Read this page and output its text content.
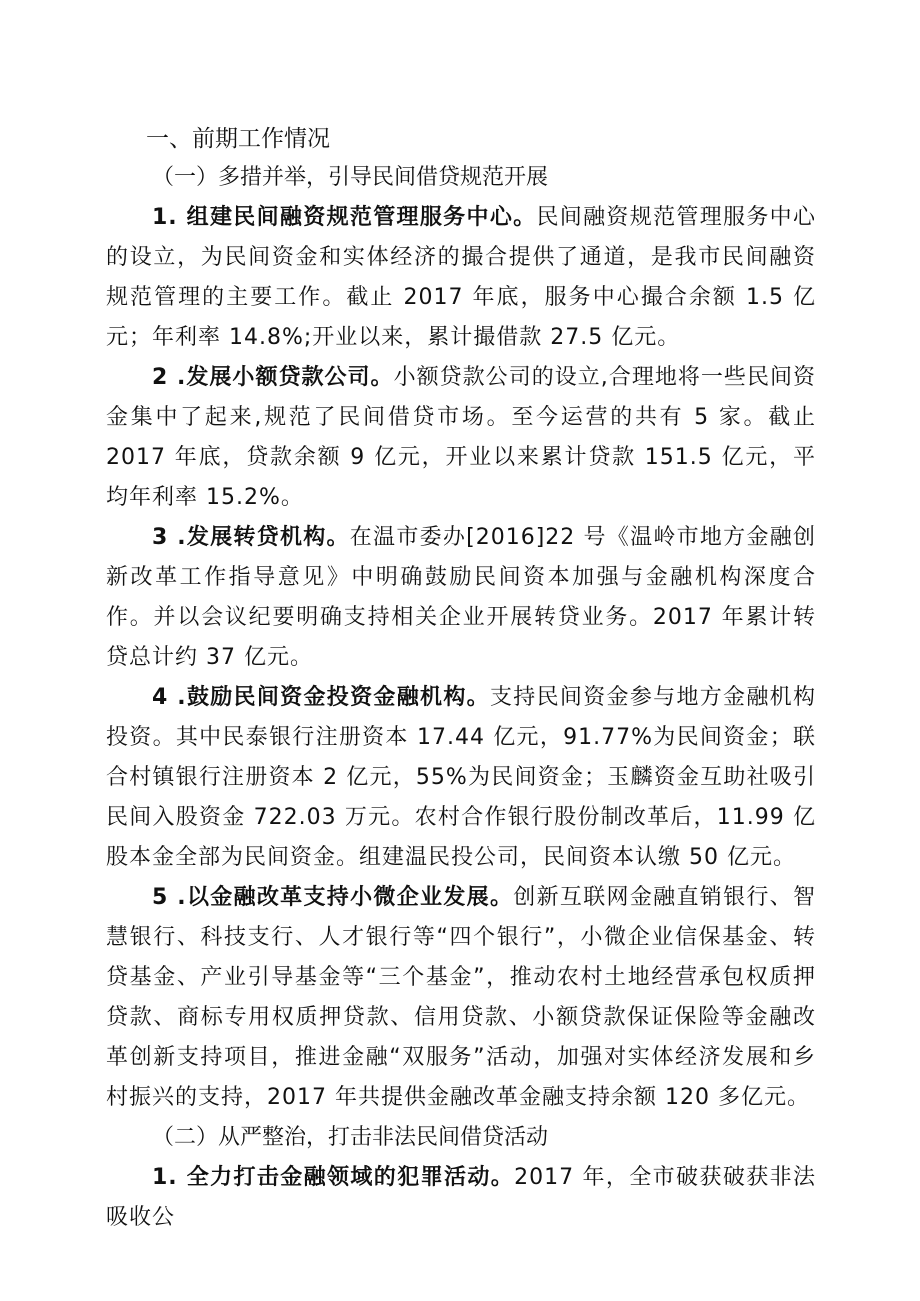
一、前期工作情况
（一）多措并举，引导民间借贷规范开展

1. 组建民间融资规范管理服务中心。民间融资规范管理服务中心的设立，为民间资金和实体经济的撮合提供了通道，是我市民间融资规范管理的主要工作。截止 2017 年底，服务中心撮合余额 1.5 亿元；年利率 14.8%;开业以来，累计撮借款 27.5 亿元。

2 .发展小额贷款公司。小额贷款公司的设立,合理地将一些民间资金集中了起来,规范了民间借贷市场。至今运营的共有 5 家。截止 2017 年底，贷款余额 9 亿元，开业以来累计贷款 151.5 亿元，平均年利率 15.2%。

3 .发展转贷机构。在温市委办[2016]22 号《温岭市地方金融创新改革工作指导意见》中明确鼓励民间资本加强与金融机构深度合作。并以会议纪要明确支持相关企业开展转贷业务。2017 年累计转贷总计约 37 亿元。

4 .鼓励民间资金投资金融机构。支持民间资金参与地方金融机构投资。其中民泰银行注册资本 17.44 亿元，91.77%为民间资金；联合村镇银行注册资本 2 亿元，55%为民间资金；玉麟资金互助社吸引民间入股资金 722.03 万元。农村合作银行股份制改革后，11.99 亿股本金全部为民间资金。组建温民投公司，民间资本认缴 50 亿元。

5 .以金融改革支持小微企业发展。创新互联网金融直销银行、智慧银行、科技支行、人才银行等“四个银行”，小微企业信保基金、转贷基金、产业引导基金等“三个基金”，推动农村土地经营承包权质押贷款、商标专用权质押贷款、信用贷款、小额贷款保证保险等金融改革创新支持项目，推进金融“双服务”活动，加强对实体经济发展和乡村振兴的支持，2017 年共提供金融改革金融支持余额 120 多亿元。

（二）从严整治，打击非法民间借贷活动

1. 全力打击金融领域的犯罪活动。2017 年，全市破获破获非法吸收公
